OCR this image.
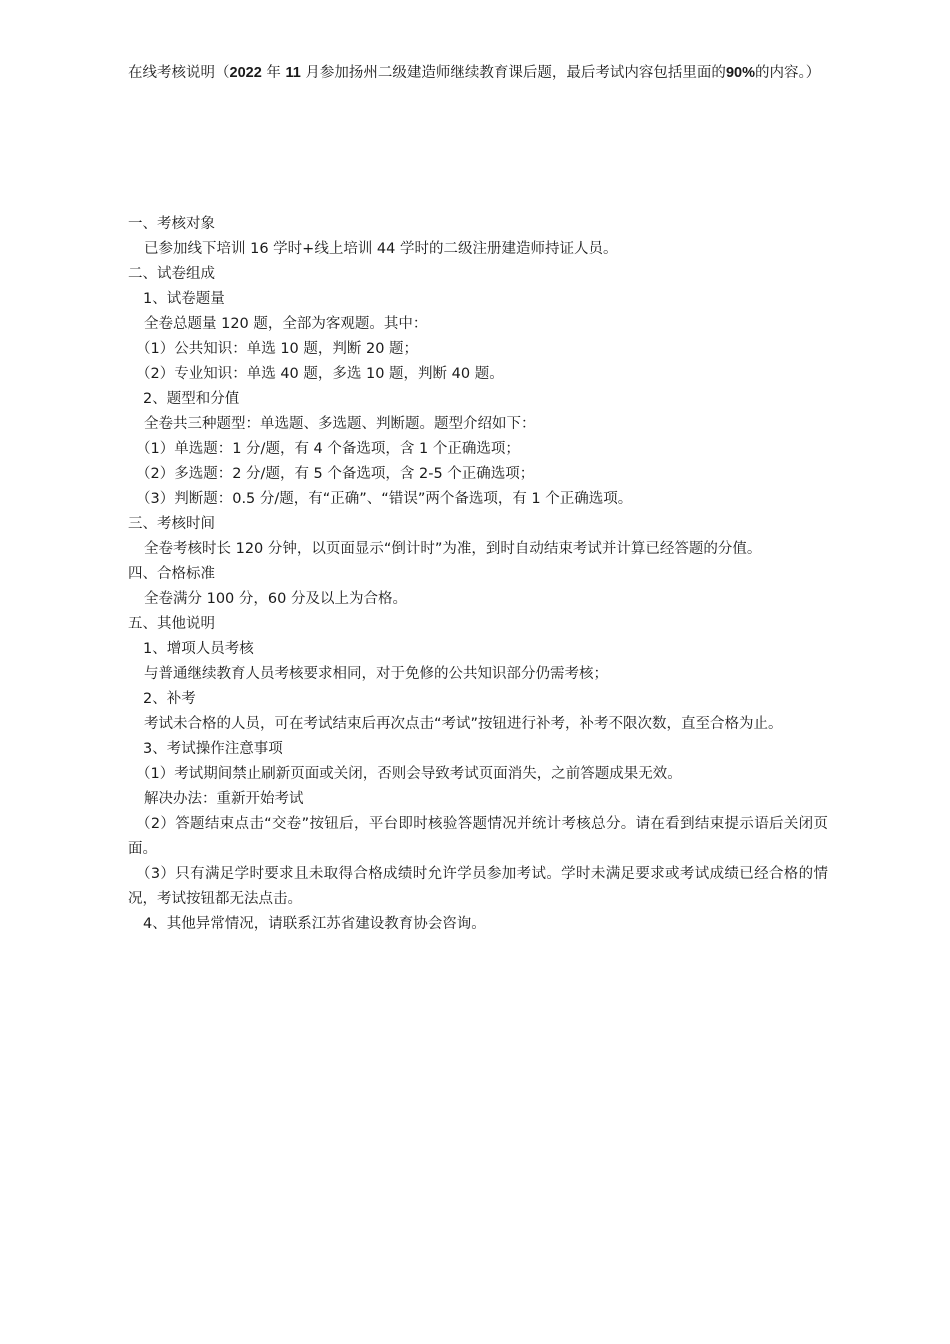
在线考核说明（2022 年 11 月参加扬州二级建造师继续教育课后题，最后考试内容包括里面的90%的内容。）
一、考核对象
已参加线下培训 16 学时+线上培训 44 学时的二级注册建造师持证人员。
二、试卷组成
1、试卷题量
全卷总题量 120 题，全部为客观题。其中：
（1）公共知识：单选 10 题，判断 20 题；
（2）专业知识：单选 40 题，多选 10 题，判断 40 题。
2、题型和分值
全卷共三种题型：单选题、多选题、判断题。题型介绍如下：
（1）单选题：1 分/题，有 4 个备选项，含 1 个正确选项；
（2）多选题：2 分/题，有 5 个备选项，含 2-5 个正确选项；
（3）判断题：0.5 分/题，有“正确”、“错误”两个备选项，有 1 个正确选项。
三、考核时间
全卷考核时长 120 分钟，以页面显示“倒计时”为准，到时自动结束考试并计算已经答题的分值。
四、合格标准
全卷满分 100 分，60 分及以上为合格。
五、其他说明
1、增项人员考核
与普通继续教育人员考核要求相同，对于免修的公共知识部分仍需考核；
2、补考
考试未合格的人员，可在考试结束后再次点击“考试”按钮进行补考，补考不限次数，直至合格为止。
3、考试操作注意事项
（1）考试期间禁止刷新页面或关闭，否则会导致考试页面消失，之前答题成果无效。
解决办法：重新开始考试
（2）答题结束点击“交卷”按钮后，平台即时核验答题情况并统计考核总分。请在看到结束提示语后关闭页面。
（3）只有满足学时要求且未取得合格成绩时允许学员参加考试。学时未满足要求或考试成绩已经合格的情况，考试按钮都无法点击。
4、其他异常情况，请联系江苏省建设教育协会咨询。
